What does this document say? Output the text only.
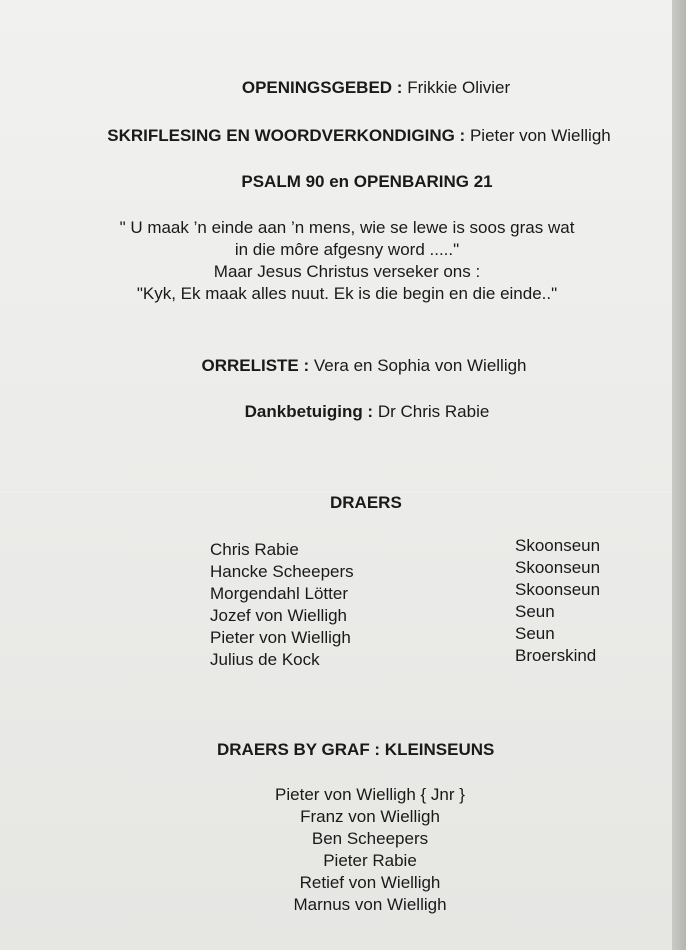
OPENINGSGEBED : Frikkie Olivier
SKRIFLESING EN WOORDVERKONDIGING : Pieter von Wielligh
PSALM 90 en OPENBARING 21
" U maak ’n einde aan ’n mens, wie se lewe is soos gras wat
in die môre afgesny word ....."
Maar Jesus Christus verseker ons :
"Kyk, Ek maak alles nuut. Ek is die begin en die einde.."
ORRELISTE : Vera en Sophia von Wielligh
Dankbetuiging : Dr Chris Rabie
DRAERS
Chris Rabie
Hancke Scheepers
Morgendahl Lötter
Jozef von Wielligh
Pieter von Wielligh
Julius de Kock
Skoonseun
Skoonseun
Skoonseun
Seun
Seun
Broerskind
DRAERS BY GRAF : KLEINSEUNS
Pieter von Wielligh { Jnr }
Franz von Wielligh
Ben Scheepers
Pieter Rabie
Retief von Wielligh
Marnus von Wielligh
